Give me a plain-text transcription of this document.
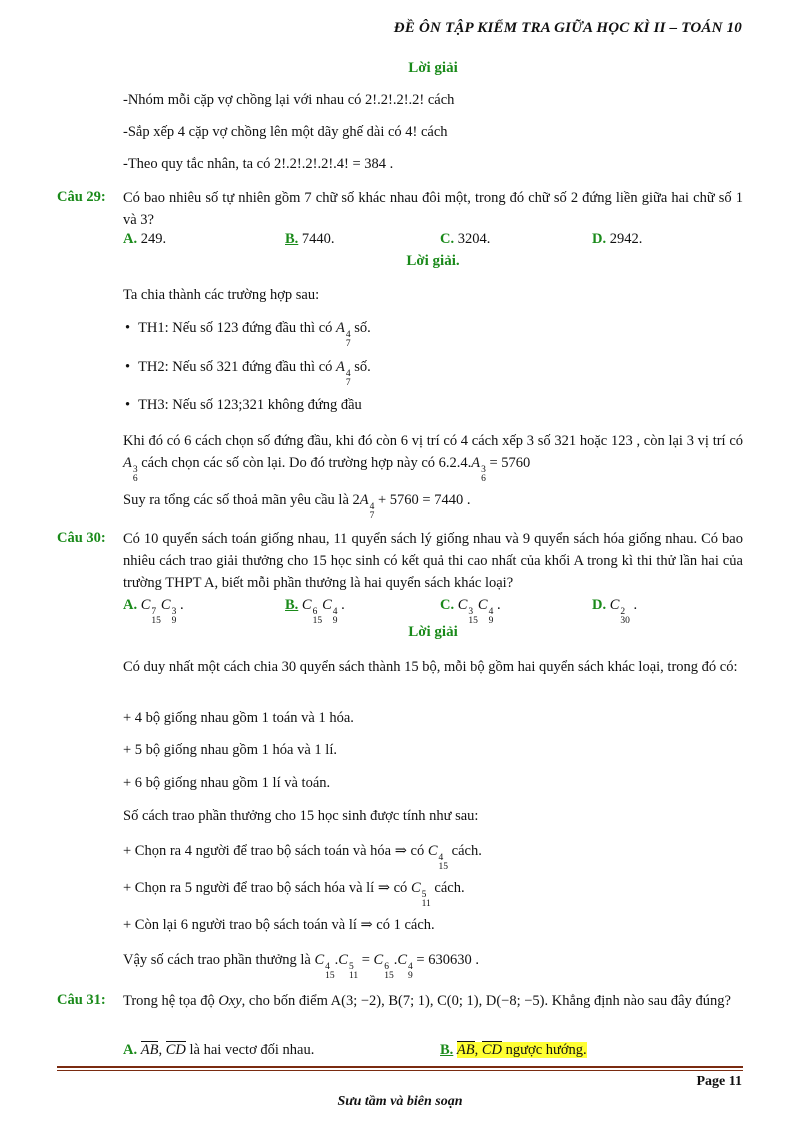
ĐỀ ÔN TẬP KIỂM TRA GIỮA HỌC KÌ II – TOÁN 10
Lời giải
-Nhóm mỗi cặp vợ chồng lại với nhau có 2!.2!.2!.2! cách
-Sắp xếp 4 cặp vợ chồng lên một dãy ghế dài có 4! cách
-Theo quy tắc nhân, ta có 2!.2!.2!.2!.4! = 384 .
Câu 29: Có bao nhiêu số tự nhiên gồm 7 chữ số khác nhau đôi một, trong đó chữ số 2 đứng liền giữa hai chữ số 1 và 3?
A. 249.	B. 7440.	C. 3204.	D. 2942.
Lời giải.
Ta chia thành các trường hợp sau:
• TH1: Nếu số 123 đứng đầu thì có A 4
7
số.
• TH2: Nếu số 321 đứng đầu thì có A 4
7
số.
• TH3: Nếu số 123;321 không đứng đầu
Khi đó có 6 cách chọn số đứng đầu, khi đó còn 6 vị trí có 4 cách xếp 3 số 321 hoặc 123 , còn lại 3 vị trí có A 3
6
cách chọn các số còn lại. Do đó trường hợp này có 6.2.4.A 3
6
= 5760
Suy ra tổng các số thoả mãn yêu cầu là 2A 4
7
+ 5760 = 7440 .
Câu 30: Có 10 quyển sách toán giống nhau, 11 quyển sách lý giống nhau và 9 quyển sách hóa giống nhau. Có bao nhiêu cách trao giải thưởng cho 15 học sinh có kết quả thi cao nhất của khối A trong kì thi thử lần hai của trường THPT A, biết mỗi phần thưởng là hai quyển sách khác loại?
A. C 7
15
C 3
9
.	B. C 6
15
C 4
9
.	C. C 3
15
C 4
9
.	D. C 2
30
.
Lời giải
Có duy nhất một cách chia 30 quyển sách thành 15 bộ, mỗi bộ gồm hai quyển sách khác loại, trong đó có:
+ 4 bộ giống nhau gồm 1 toán và 1 hóa.
+ 5 bộ giống nhau gồm 1 hóa và 1 lí.
+ 6 bộ giống nhau gồm 1 lí và toán.
Số cách trao phần thưởng cho 15 học sinh được tính như sau:
+ Chọn ra 4 người để trao bộ sách toán và hóa ⇒ có C 4
15
cách.
+ Chọn ra 5 người để trao bộ sách hóa và lí ⇒ có C 5
11
cách.
+ Còn lại 6 người trao bộ sách toán và lí ⇒ có 1 cách.
Vậy số cách trao phần thưởng là C 4
15
.C 5
11
= C 6
15
.C 4
9
= 630630 .
Câu 31: Trong hệ tọa độ Oxy, cho bốn điểm A(3; −2), B(7; 1), C(0; 1), D(−8; −5). Khẳng định nào sau đây đúng?
A. AB, CD là hai vectơ đối nhau.	B. AB, CD ngược hướng.
Page 11
Sưu tầm và biên soạn
